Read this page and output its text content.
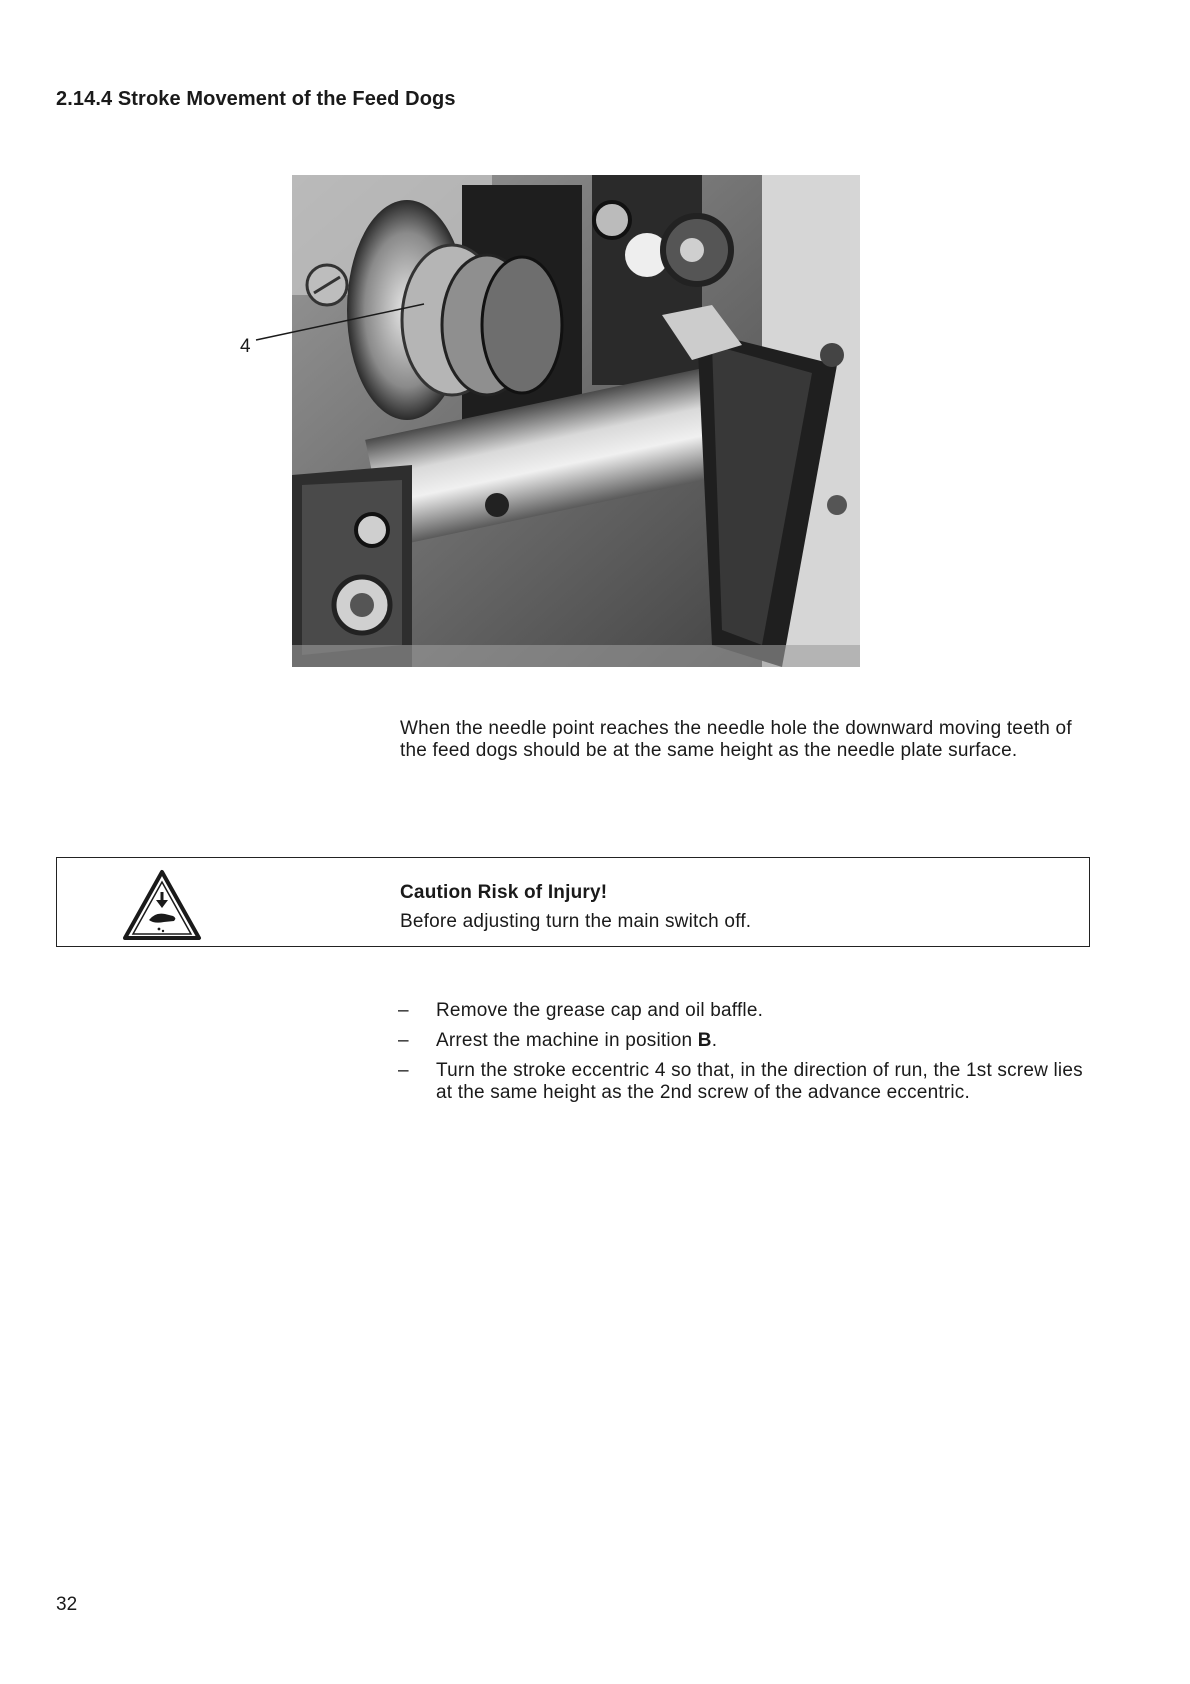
2.14.4 Stroke Movement of the Feed Dogs
4
When the needle point reaches the needle hole the downward moving teeth of the feed dogs should be at the same height as the needle plate surface.
Caution Risk of Injury!
Before adjusting turn the main switch off.
– Remove the grease cap and oil baffle.
– Arrest the machine in position B.
– Turn the stroke eccentric 4 so that, in the direction of run, the 1st screw lies at the same height as the 2nd screw of the advance eccentric.
32
